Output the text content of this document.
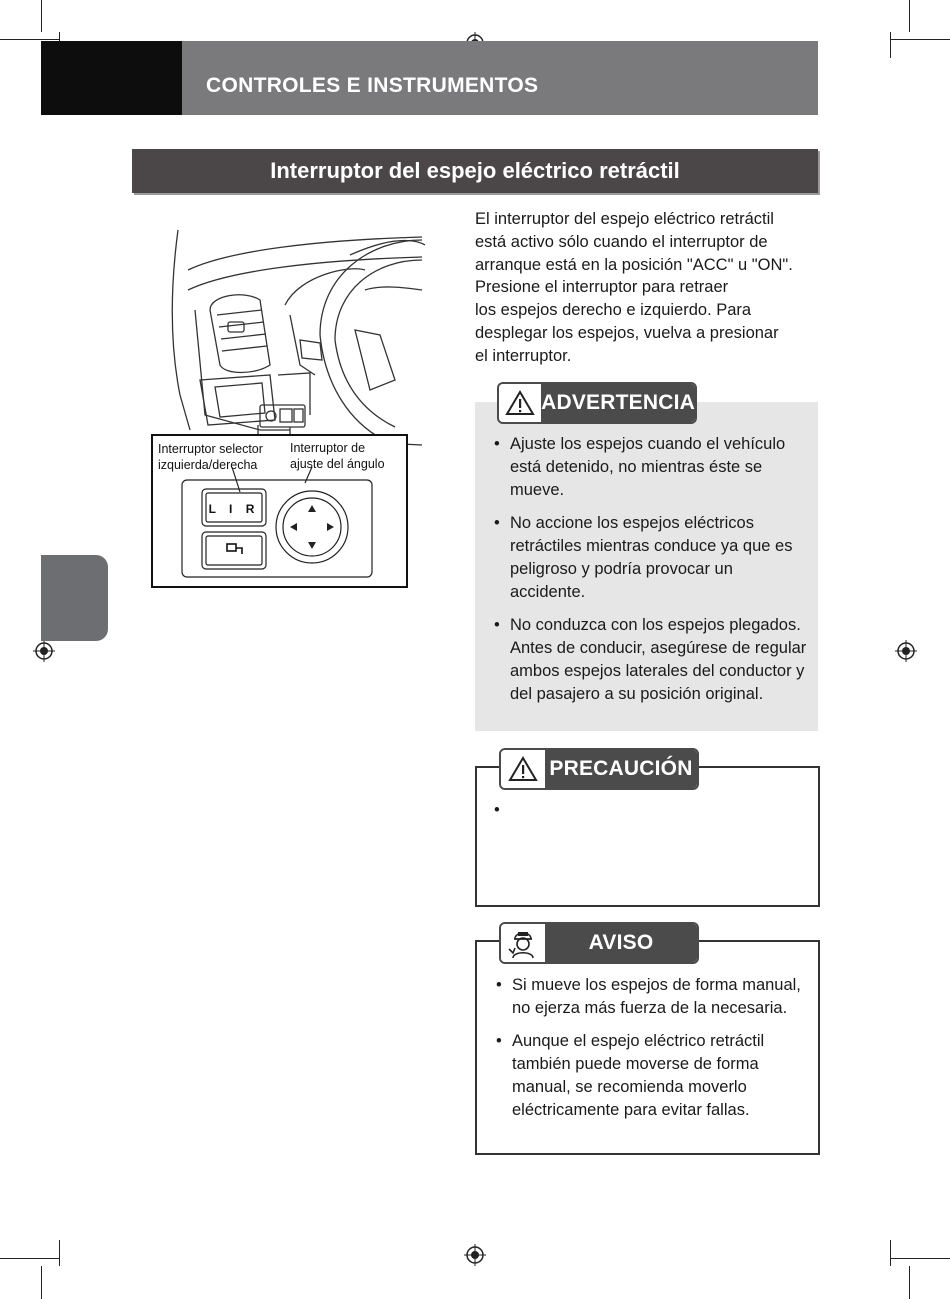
CONTROLES E INSTRUMENTOS
Interruptor del espejo eléctrico retráctil
L I R
Interruptor selector
izquierda/derecha
Interruptor de
ajuste del ángulo

El interruptor del espejo eléctrico retráctil

está activo sólo cuando el interruptor de

arranque está en la posición "ACC" u "ON".

Presione el interruptor para retraer

los espejos derecho e izquierdo. Para

desplegar los espejos, vuelva a presionar

el interruptor.

ADVERTENCIA
• Ajuste los espejos cuando el vehículo está detenido, no mientras éste se mueve.
• No accione los espejos eléctricos retráctiles mientras conduce ya que es peligroso y podría provocar un accidente.
• No conduzca con los espejos plegados. Antes de conducir, asegúrese de regular ambos espejos laterales del conductor y del pasajero a su posición original.
PRECAUCIÓN
AVISO
• Si mueve los espejos de forma manual, no ejerza más fuerza de la necesaria.
• Aunque el espejo eléctrico retráctil también puede moverse de forma manual, se recomienda moverlo eléctricamente para evitar fallas.
